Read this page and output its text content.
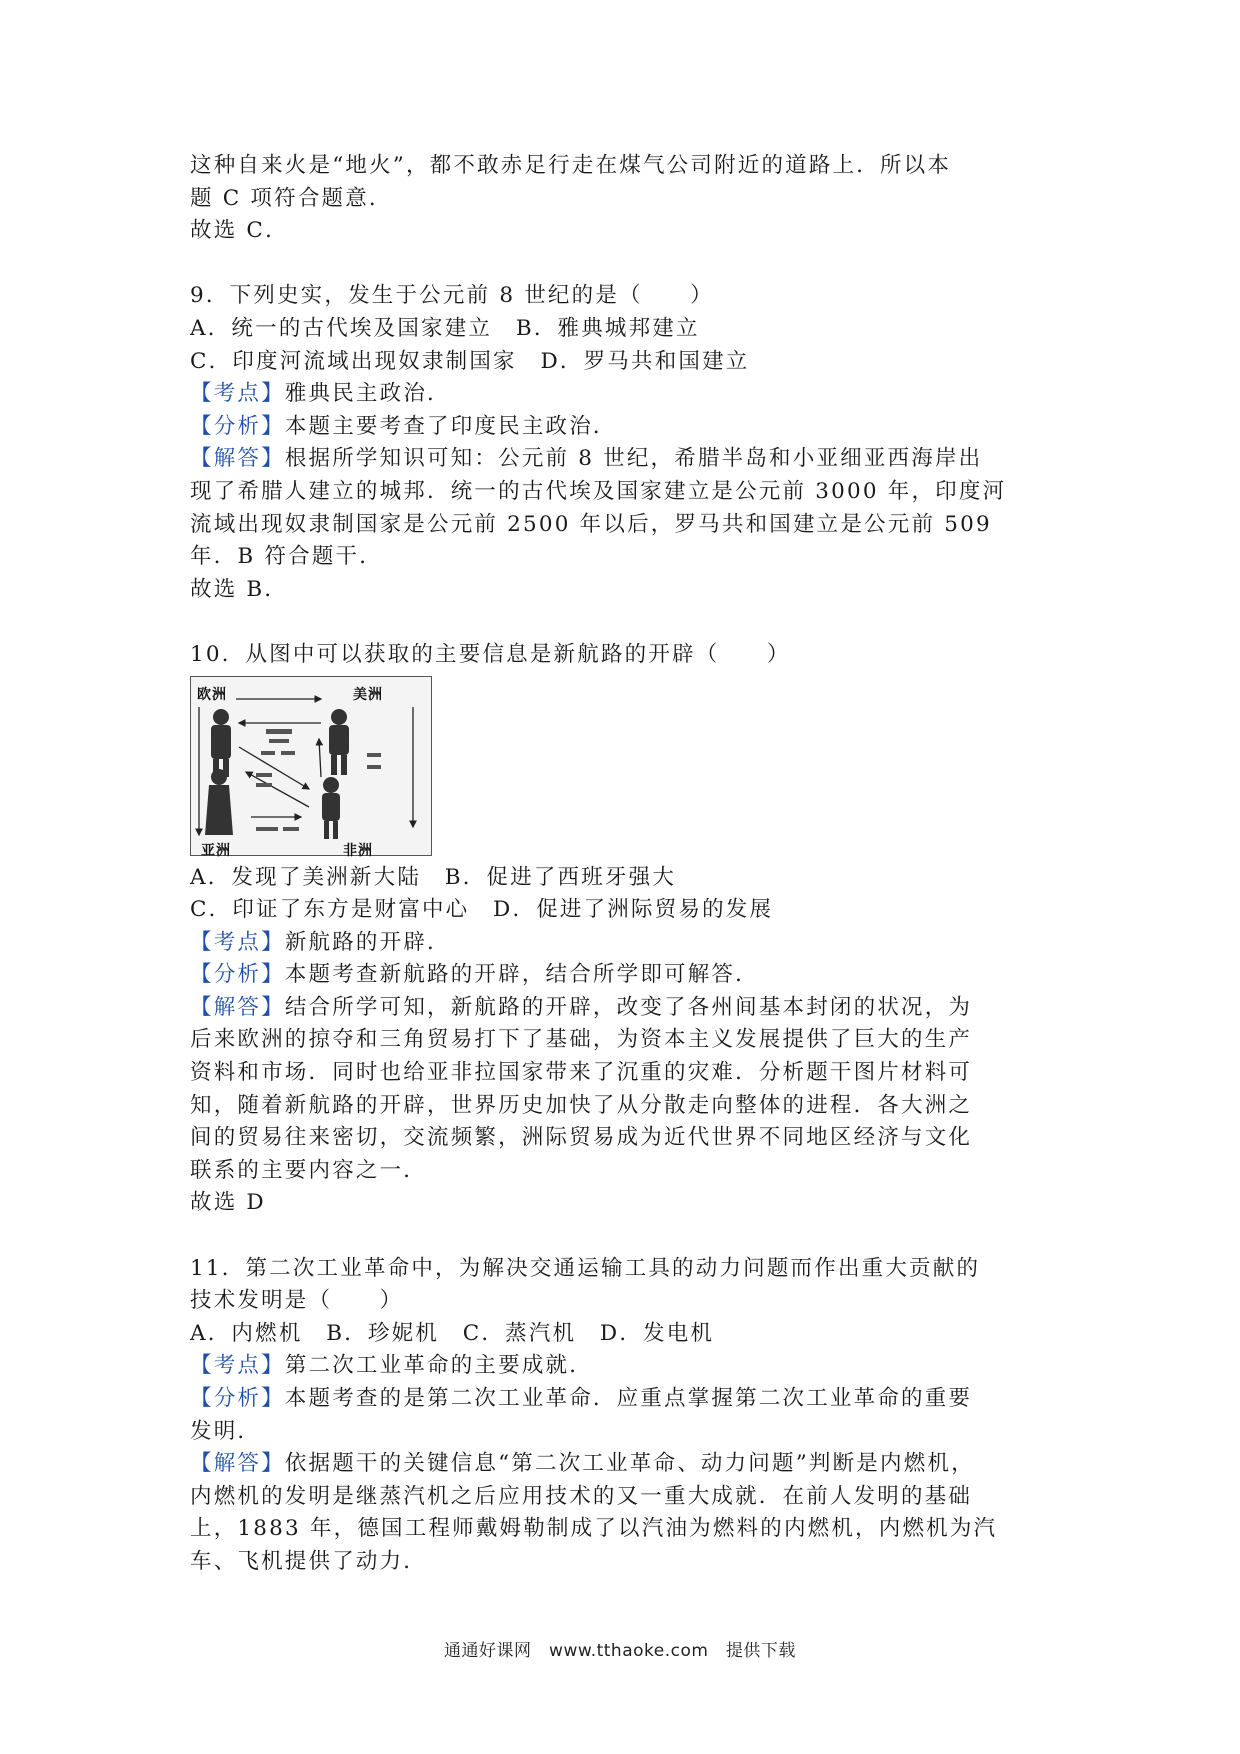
这种自来火是“地火”，都不敢赤足行走在煤气公司附近的道路上．所以本
题 C 项符合题意．
故选 C．
9．下列史实，发生于公元前 8 世纪的是（　　）
A．统一的古代埃及国家建立　B．雅典城邦建立
C．印度河流域出现奴隶制国家　D．罗马共和国建立
【考点】雅典民主政治．
【分析】本题主要考查了印度民主政治．
【解答】根据所学知识可知：公元前 8 世纪，希腊半岛和小亚细亚西海岸出
现了希腊人建立的城邦．统一的古代埃及国家建立是公元前 3000 年，印度河
流域出现奴隶制国家是公元前 2500 年以后，罗马共和国建立是公元前 509
年．B 符合题干．
故选 B．
10．从图中可以获取的主要信息是新航路的开辟（　　）
欧洲	美洲
亚洲	非洲
A．发现了美洲新大陆　B．促进了西班牙强大
C．印证了东方是财富中心　D．促进了洲际贸易的发展
【考点】新航路的开辟．
【分析】本题考查新航路的开辟，结合所学即可解答．
【解答】结合所学可知，新航路的开辟，改变了各州间基本封闭的状况，为
后来欧洲的掠夺和三角贸易打下了基础，为资本主义发展提供了巨大的生产
资料和市场．同时也给亚非拉国家带来了沉重的灾难．分析题干图片材料可
知，随着新航路的开辟，世界历史加快了从分散走向整体的进程．各大洲之
间的贸易往来密切，交流频繁，洲际贸易成为近代世界不同地区经济与文化
联系的主要内容之一．
故选 D
11．第二次工业革命中，为解决交通运输工具的动力问题而作出重大贡献的
技术发明是（　　）
A．内燃机　B．珍妮机　C．蒸汽机　D．发电机
【考点】第二次工业革命的主要成就．
【分析】本题考查的是第二次工业革命．应重点掌握第二次工业革命的重要
发明．
【解答】依据题干的关键信息“第二次工业革命、动力问题”判断是内燃机，
内燃机的发明是继蒸汽机之后应用技术的又一重大成就．在前人发明的基础
上，1883 年，德国工程师戴姆勒制成了以汽油为燃料的内燃机，内燃机为汽
车、飞机提供了动力．
通通好课网　www.tthaoke.com　提供下载
